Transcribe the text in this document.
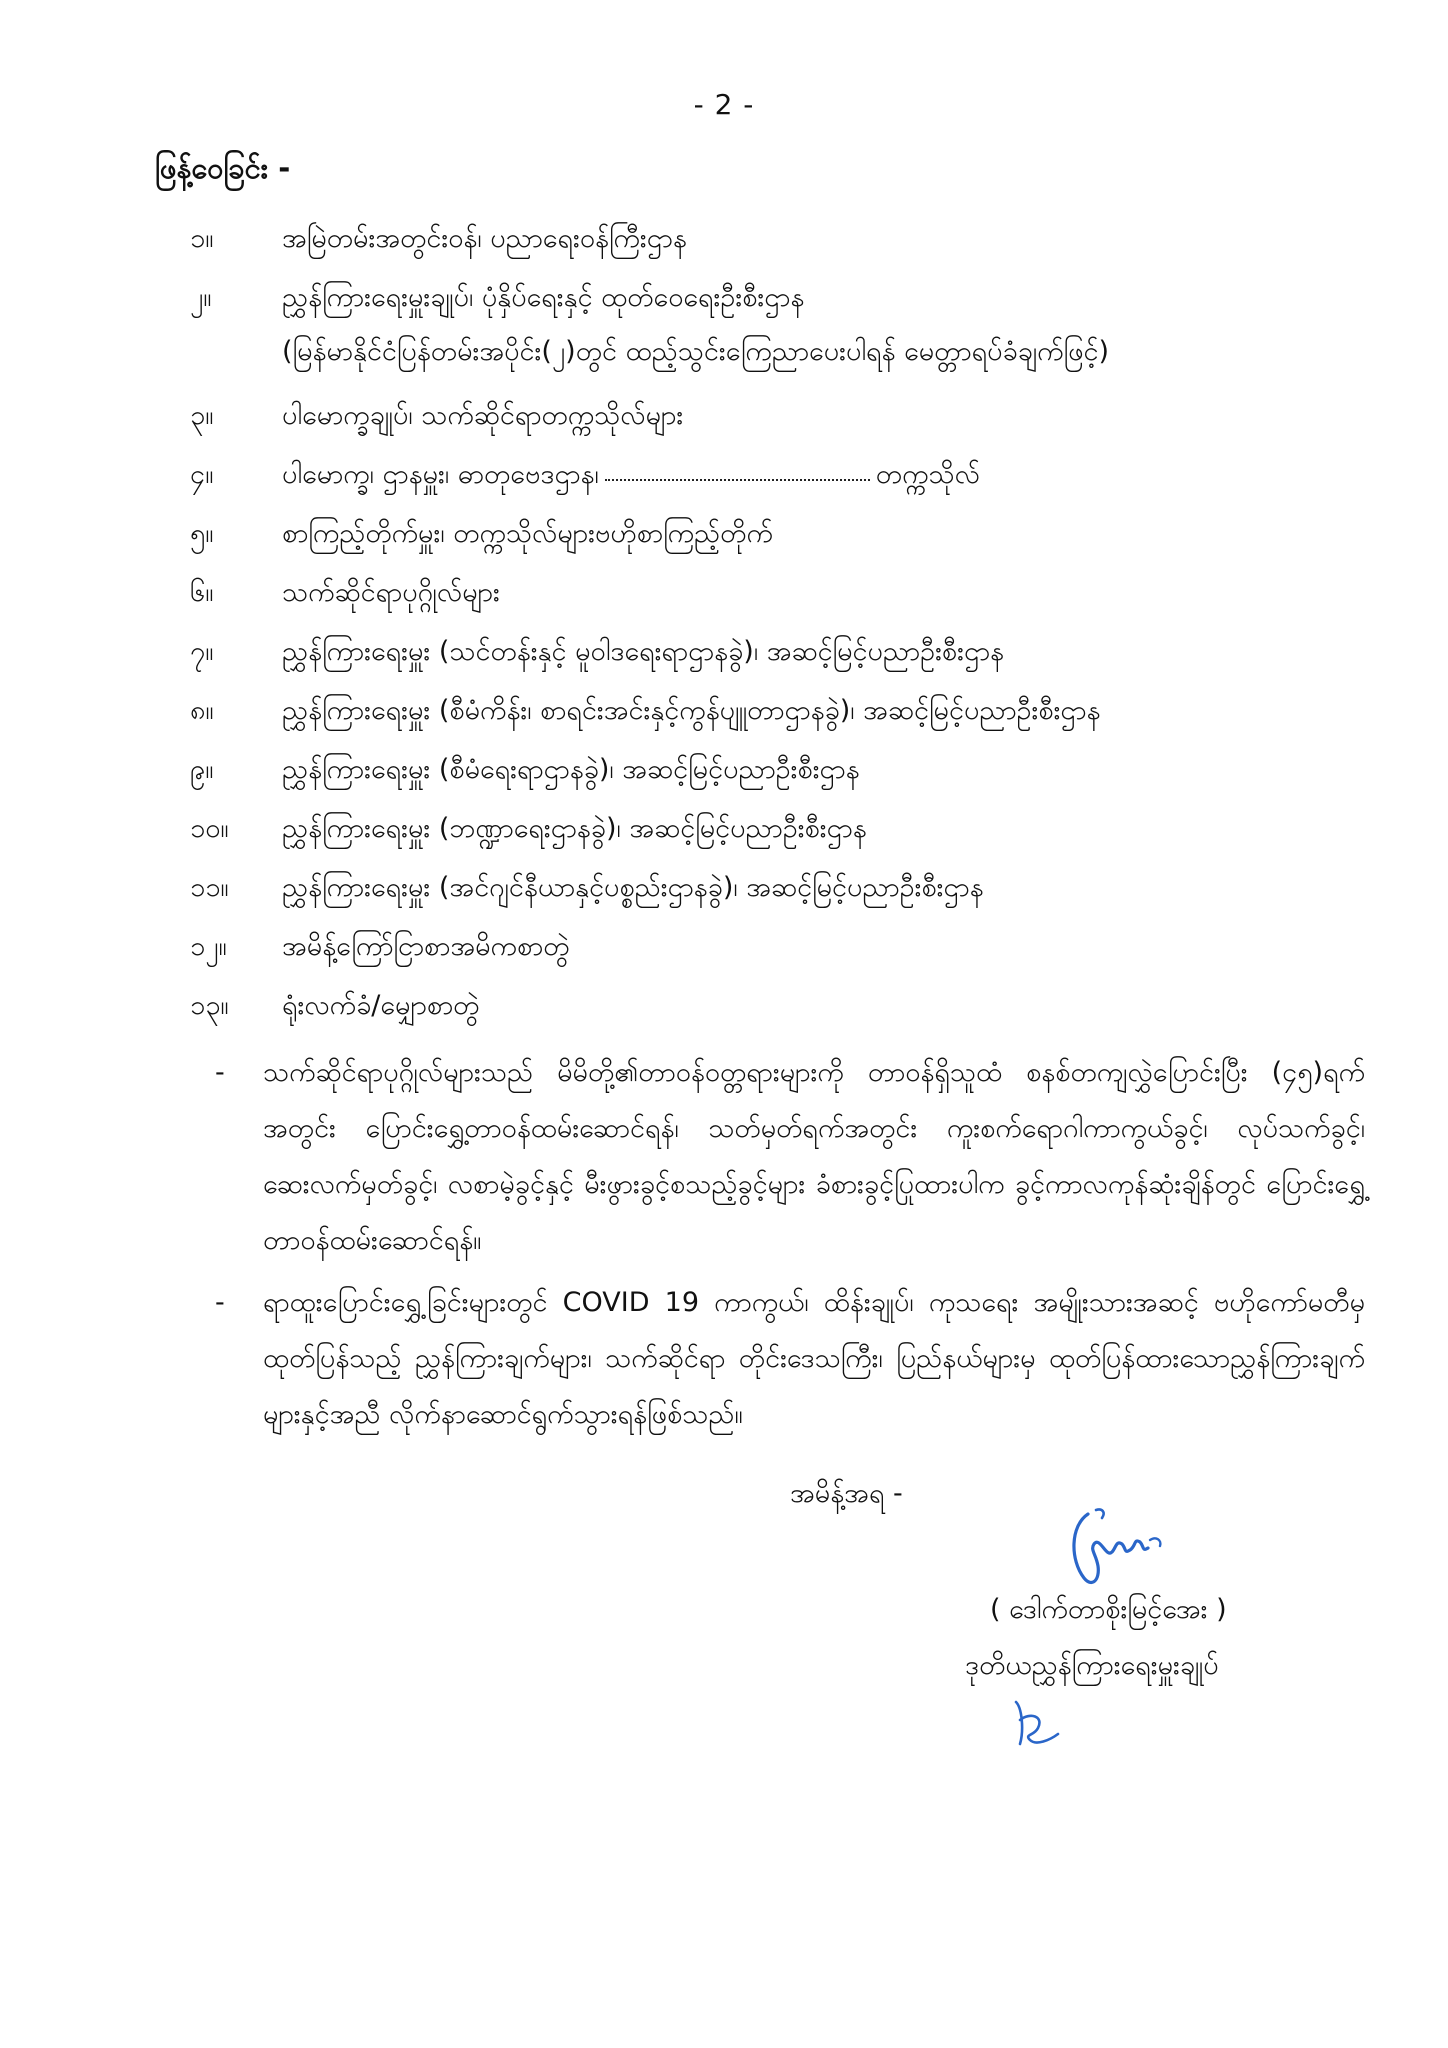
- 2 -
ဖြန့်ဝေခြင်း -
၁။	အမြဲတမ်းအတွင်းဝန်၊ ပညာရေးဝန်ကြီးဌာန
၂။	ညွှန်ကြားရေးမှူးချုပ်၊ ပုံနှိပ်ရေးနှင့် ထုတ်ဝေရေးဦးစီးဌာန
(မြန်မာနိုင်ငံပြန်တမ်းအပိုင်း(၂)တွင် ထည့်သွင်းကြေညာပေးပါရန် မေတ္တာရပ်ခံချက်ဖြင့်)
၃။	ပါမောက္ခချုပ်၊ သက်ဆိုင်ရာတက္ကသိုလ်များ
၄။	ပါမောက္ခ၊ ဌာနမှူး၊ ဓာတုဗေဒဌာန၊	တက္ကသိုလ်
၅။	စာကြည့်တိုက်မှူး၊ တက္ကသိုလ်များဗဟိုစာကြည့်တိုက်
၆။	သက်ဆိုင်ရာပုဂ္ဂိုလ်များ
၇။	ညွှန်ကြားရေးမှူး (သင်တန်းနှင့် မူဝါဒရေးရာဌာနခွဲ)၊ အဆင့်မြင့်ပညာဦးစီးဌာန
၈။	ညွှန်ကြားရေးမှူး (စီမံကိန်း၊ စာရင်းအင်းနှင့်ကွန်ပျူတာဌာနခွဲ)၊ အဆင့်မြင့်ပညာဦးစီးဌာန
၉။	ညွှန်ကြားရေးမှူး (စီမံရေးရာဌာနခွဲ)၊ အဆင့်မြင့်ပညာဦးစီးဌာန
၁၀။	ညွှန်ကြားရေးမှူး (ဘဏ္ဍာရေးဌာနခွဲ)၊ အဆင့်မြင့်ပညာဦးစီးဌာန
၁၁။	ညွှန်ကြားရေးမှူး (အင်ဂျင်နီယာနှင့်ပစ္စည်းဌာနခွဲ)၊ အဆင့်မြင့်ပညာဦးစီးဌာန
၁၂။	အမိန့်ကြော်ငြာစာအမိကစာတွဲ
၁၃။	ရုံးလက်ခံ/မျှောစာတွဲ
-	သက်ဆိုင်ရာပုဂ္ဂိုလ်များသည် မိမိတို့၏တာဝန်ဝတ္တရားများကို တာဝန်ရှိသူထံ စနစ်တကျလွှဲပြောင်းပြီး (၄၅)ရက်အတွင်း ပြောင်းရွှေ့တာဝန်ထမ်းဆောင်ရန်၊ သတ်မှတ်ရက်အတွင်း ကူးစက်ရောဂါကာကွယ်ခွင့်၊ လုပ်သက်ခွင့်၊ ဆေးလက်မှတ်ခွင့်၊ လစာမဲ့ခွင့်နှင့် မီးဖွားခွင့်စသည့်ခွင့်များ ခံစားခွင့်ပြုထားပါက ခွင့်ကာလကုန်ဆုံးချိန်တွင် ပြောင်းရွှေ့တာဝန်ထမ်းဆောင်ရန်။
-	ရာထူးပြောင်းရွှေ့ခြင်းများတွင် COVID 19 ကာကွယ်၊ ထိန်းချုပ်၊ ကုသရေး အမျိုးသားအဆင့် ဗဟိုကော်မတီမှထုတ်ပြန်သည့် ညွှန်ကြားချက်များ၊ သက်ဆိုင်ရာ တိုင်းဒေသကြီး၊ ပြည်နယ်များမှ ထုတ်ပြန်ထားသောညွှန်ကြားချက်များနှင့်အညီ လိုက်နာဆောင်ရွက်သွားရန်ဖြစ်သည်။
အမိန့်အရ -
( ဒေါက်တာစိုးမြင့်အေး )
ဒုတိယညွှန်ကြားရေးမှူးချုပ်
